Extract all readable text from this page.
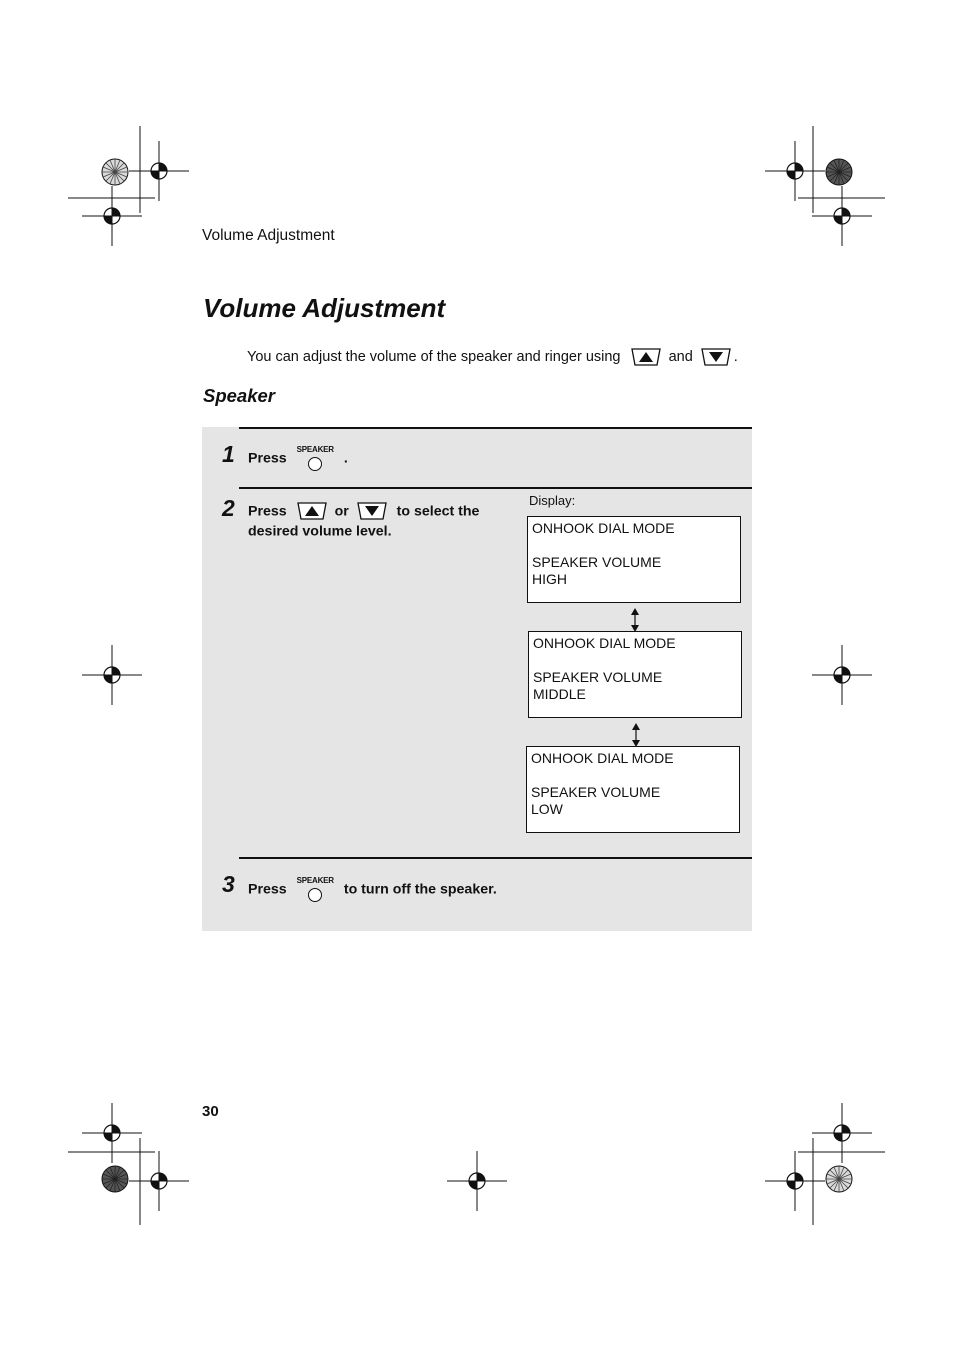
Volume Adjustment
Volume Adjustment
You can adjust the volume of the speaker and ringer using	and	.
Speaker
1 Press
SPEAKER
.
2 Press	or	to select the
desired volume level.
Display:
ONHOOK DIAL MODE

SPEAKER VOLUME
HIGH
ONHOOK DIAL MODE

SPEAKER VOLUME
MIDDLE
ONHOOK DIAL MODE

SPEAKER VOLUME
LOW
3 Press
SPEAKER
to turn off the speaker.
30
